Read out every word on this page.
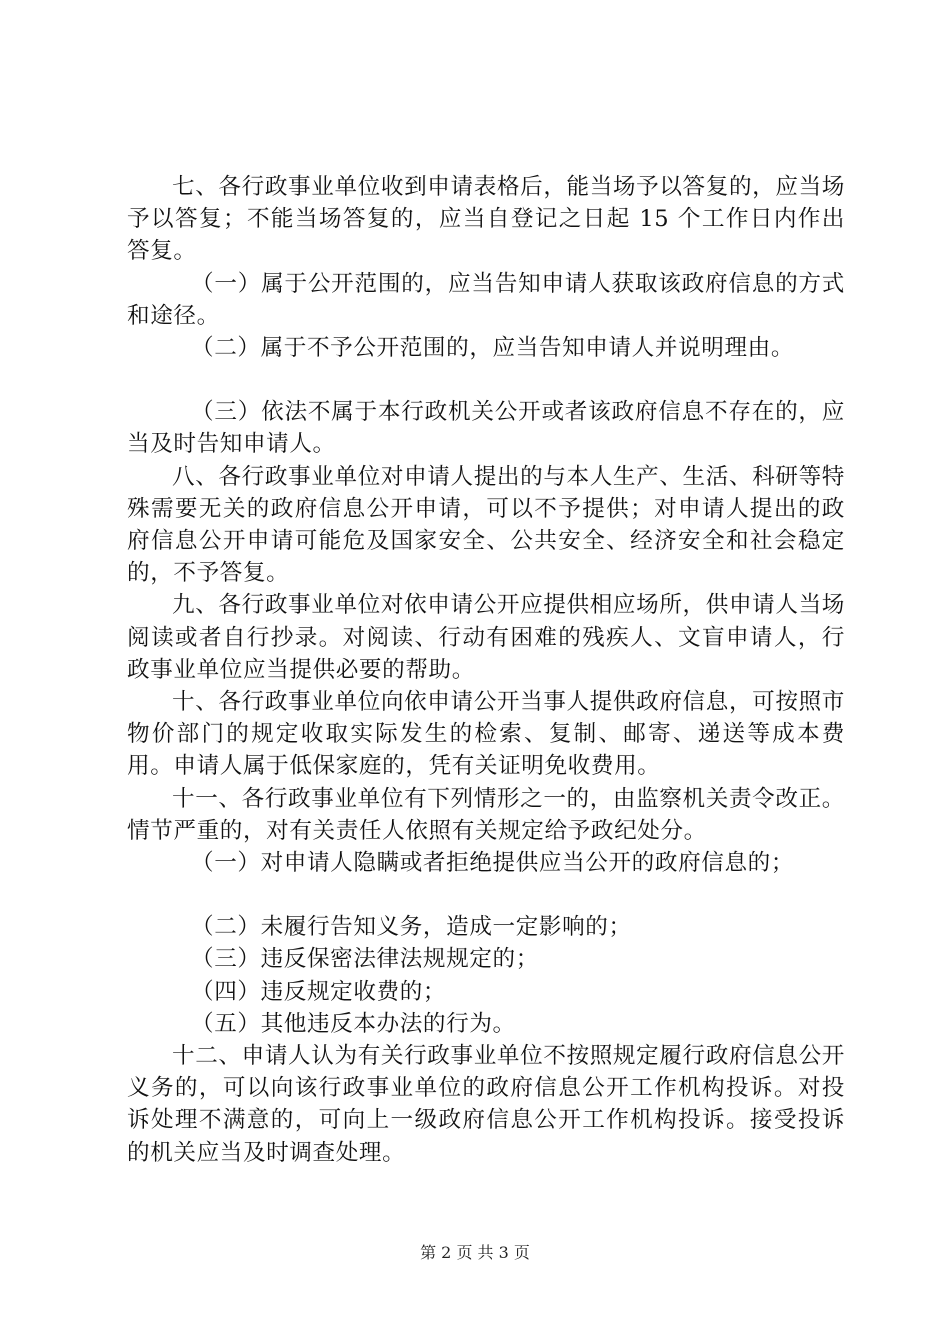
七、各行政事业单位收到申请表格后，能当场予以答复的，应当场予以答复；不能当场答复的，应当自登记之日起 15 个工作日内作出答复。

（一）属于公开范围的，应当告知申请人获取该政府信息的方式和途径。

（二）属于不予公开范围的，应当告知申请人并说明理由。

（三）依法不属于本行政机关公开或者该政府信息不存在的，应当及时告知申请人。

八、各行政事业单位对申请人提出的与本人生产、生活、科研等特殊需要无关的政府信息公开申请，可以不予提供；对申请人提出的政府信息公开申请可能危及国家安全、公共安全、经济安全和社会稳定的，不予答复。

九、各行政事业单位对依申请公开应提供相应场所，供申请人当场阅读或者自行抄录。对阅读、行动有困难的残疾人、文盲申请人，行政事业单位应当提供必要的帮助。

十、各行政事业单位向依申请公开当事人提供政府信息，可按照市物价部门的规定收取实际发生的检索、复制、邮寄、递送等成本费用。申请人属于低保家庭的，凭有关证明免收费用。

十一、各行政事业单位有下列情形之一的，由监察机关责令改正。情节严重的，对有关责任人依照有关规定给予政纪处分。

（一）对申请人隐瞒或者拒绝提供应当公开的政府信息的；

（二）未履行告知义务，造成一定影响的；

（三）违反保密法律法规规定的；

（四）违反规定收费的；

（五）其他违反本办法的行为。

十二、申请人认为有关行政事业单位不按照规定履行政府信息公开义务的，可以向该行政事业单位的政府信息公开工作机构投诉。对投诉处理不满意的，可向上一级政府信息公开工作机构投诉。接受投诉的机关应当及时调查处理。

第 2 页 共 3 页
